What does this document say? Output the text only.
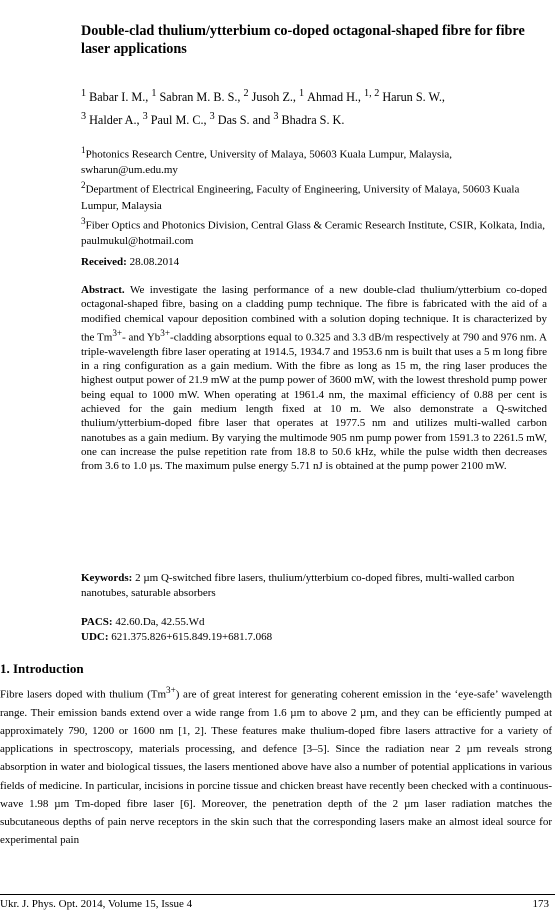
Double-clad thulium/ytterbium co-doped octagonal-shaped fibre for fibre laser applications

$^1$ Babar I. M., $^1$ Sabran M. B. S., $^2$ Jusoh Z., $^1$ Ahmad H., $^{1, 2}$ Harun S. W.,
$^3$ Halder A., $^3$ Paul M. C., $^3$ Das S. and $^3$ Bhadra S. K.

$^1$Photonics Research Centre, University of Malaya, 50603 Kuala Lumpur, Malaysia, swharun@um.edu.my
$^2$Department of Electrical Engineering, Faculty of Engineering, University of Malaya, 50603 Kuala Lumpur, Malaysia
$^3$Fiber Optics and Photonics Division, Central Glass & Ceramic Research Institute, CSIR, Kolkata, India, paulmukul@hotmail.com

Received: 28.08.2014

Abstract. We investigate the lasing performance of a new double-clad thulium/ytterbium co-doped octagonal-shaped fibre, basing on a cladding pump technique. The fibre is fabricated with the aid of a modified chemical vapour deposition combined with a solution doping technique. It is characterized by the $Tm^{3+}-$ and $Yb^{3+}$-cladding absorptions equal to 0.325 and 3.3 dB/m respectively at 790 and 976 nm. A triple-wavelength fibre laser operating at 1914.5, 1934.7 and 1953.6 nm is built that uses a 5 m long fibre in a ring configuration as a gain medium. With the fibre as long as 15 m, the ring laser produces the highest output power of 21.9 mW at the pump power of 3600 mW, with the lowest threshold pump power being equal to 1000 mW. When operating at 1961.4 nm, the maximal efficiency of 0.88 per cent is achieved for the gain medium length fixed at 10 m. We also demonstrate a Q-switched thulium/ytterbium-doped fibre laser that operates at 1977.5 nm and utilizes multi-walled carbon nanotubes as a gain medium. By varying the multimode 905 nm pump power from 1591.3 to 2261.5 mW, one can increase the pulse repetition rate from 18.8 to 50.6 kHz, while the pulse width then decreases from 3.6 to 1.0 µs. The maximum pulse energy 5.71 nJ is obtained at the pump power 2100 mW.

Keywords: 2 µm Q-switched fibre lasers, thulium/ytterbium co-doped fibres, multi-walled carbon nanotubes, saturable absorbers

PACS: 42.60.Da, 42.55.Wd
UDC: 621.375.826+615.849.19+681.7.068

1. Introduction

Fibre lasers doped with thulium $(Tm^{3+})$ are of great interest for generating coherent emission in the ‘eye-safe’ wavelength range. Their emission bands extend over a wide range from 1.6 µm to above 2 µm, and they can be efficiently pumped at approximately 790, 1200 or 1600 nm [1, 2]. These features make thulium-doped fibre lasers attractive for a variety of applications in spectroscopy, materials processing, and defence [3–5]. Since the radiation near 2 µm reveals strong absorption in water and biological tissues, the lasers mentioned above have also a number of potential applications in various fields of medicine. In particular, incisions in porcine tissue and chicken breast have recently been checked with a continuous-wave 1.98 µm Tm-doped fibre laser [6]. Moreover, the penetration depth of the 2 µm laser radiation matches the subcutaneous depths of pain nerve receptors in the skin such that the corresponding lasers make an almost ideal source for experimental pain

Ukr. J. Phys. Opt. 2014, Volume 15, Issue 4	173
